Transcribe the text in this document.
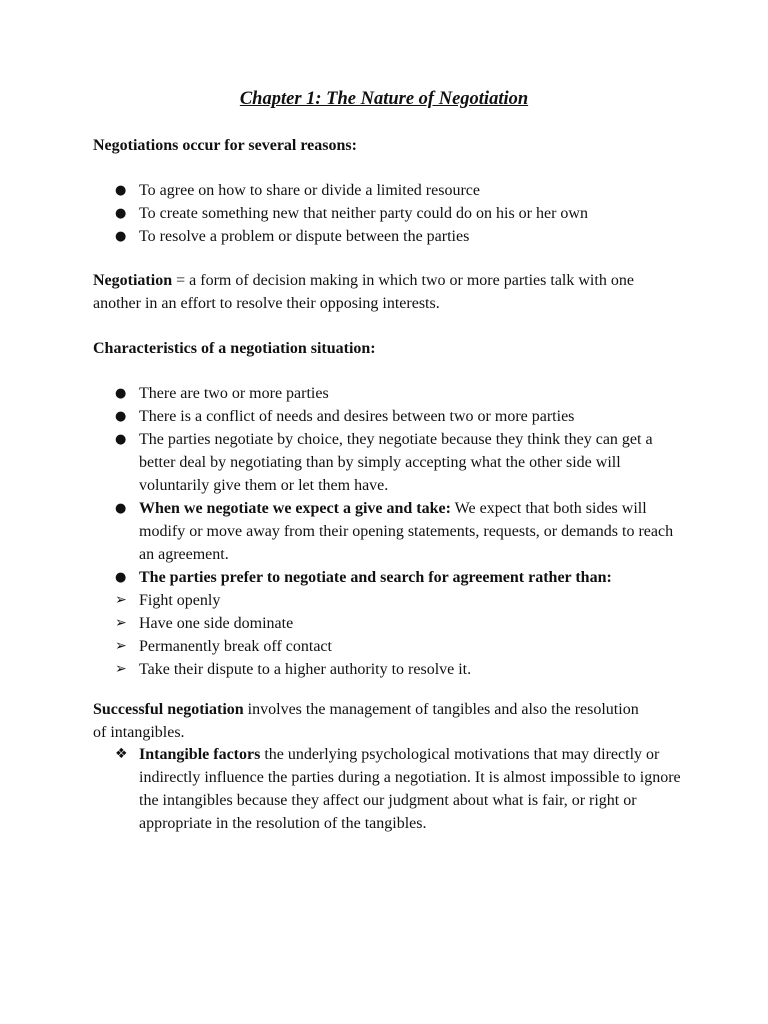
Chapter 1: The Nature of Negotiation
Negotiations occur for several reasons:
● To agree on how to share or divide a limited resource
● To create something new that neither party could do on his or her own
● To resolve a problem or dispute between the parties
Negotiation = a form of decision making in which two or more parties talk with one another in an effort to resolve their opposing interests.
Characteristics of a negotiation situation:
● There are two or more parties
● There is a conflict of needs and desires between two or more parties
● The parties negotiate by choice, they negotiate because they think they can get a better deal by negotiating than by simply accepting what the other side will voluntarily give them or let them have.
● When we negotiate we expect a give and take: We expect that both sides will modify or move away from their opening statements, requests, or demands to reach an agreement.
● The parties prefer to negotiate and search for agreement rather than:
➢ Fight openly
➢ Have one side dominate
➢ Permanently break off contact
➢ Take their dispute to a higher authority to resolve it.
Successful negotiation involves the management of tangibles and also the resolution of intangibles.
❖ Intangible factors the underlying psychological motivations that may directly or indirectly influence the parties during a negotiation. It is almost impossible to ignore the intangibles because they affect our judgment about what is fair, or right or appropriate in the resolution of the tangibles.
